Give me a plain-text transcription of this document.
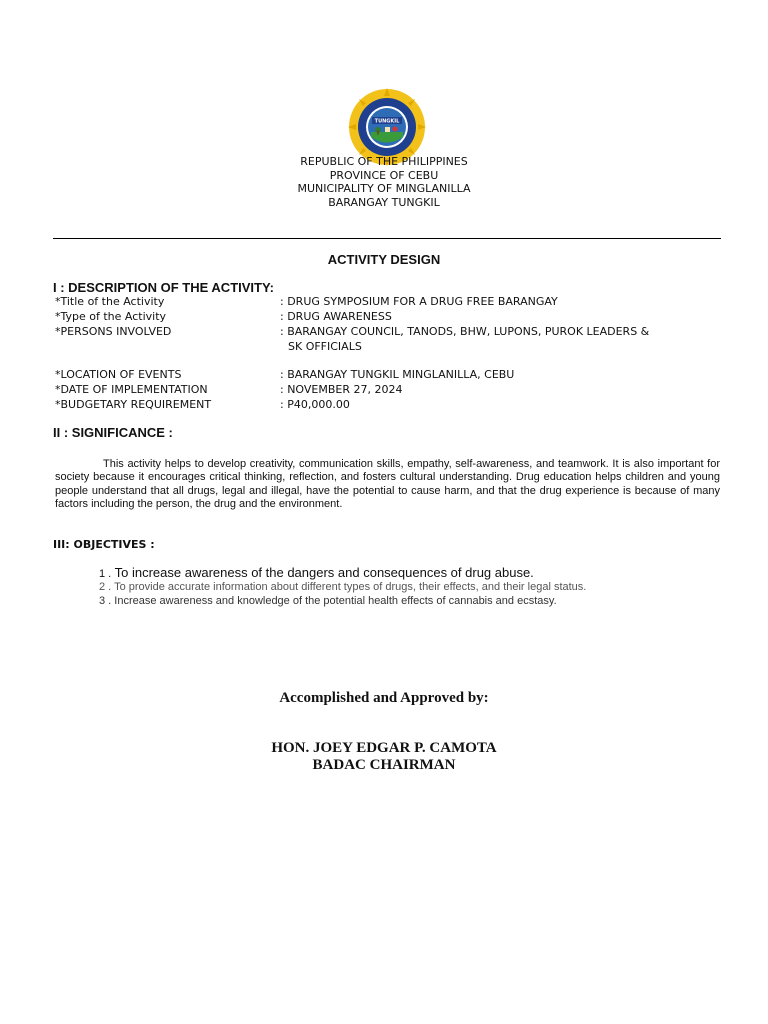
TUNGKIL
REPUBLIC OF THE PHILIPPINES
PROVINCE OF CEBU
MUNICIPALITY OF MINGLANILLA
BARANGAY TUNGKIL
ACTIVITY DESIGN
I : DESCRIPTION OF THE ACTIVITY:
*Title of the Activity	: DRUG SYMPOSIUM FOR A DRUG FREE BARANGAY
*Type of the Activity	: DRUG AWARENESS
*PERSONS INVOLVED	: BARANGAY COUNCIL, TANODS, BHW, LUPONS, PUROK LEADERS &
SK OFFICIALS
*LOCATION OF EVENTS	: BARANGAY TUNGKIL MINGLANILLA, CEBU
*DATE OF IMPLEMENTATION	: NOVEMBER 27, 2024
*BUDGETARY REQUIREMENT	: P40,000.00
II : SIGNIFICANCE :
This activity helps to develop creativity, communication skills, empathy, self-awareness, and teamwork. It is also important for society because it encourages critical thinking, reflection, and fosters cultural understanding. Drug education helps children and young people understand that all drugs, legal and illegal, have the potential to cause harm, and that the drug experience is because of many factors including the person, the drug and the environment.
III: OBJECTIVES :
1 . To increase awareness of the dangers and consequences of drug abuse.
2 . To provide accurate information about different types of drugs, their effects, and their legal status.
3 . Increase awareness and knowledge of the potential health effects of cannabis and ecstasy.
Accomplished and Approved by:
HON. JOEY EDGAR P. CAMOTA
BADAC CHAIRMAN
